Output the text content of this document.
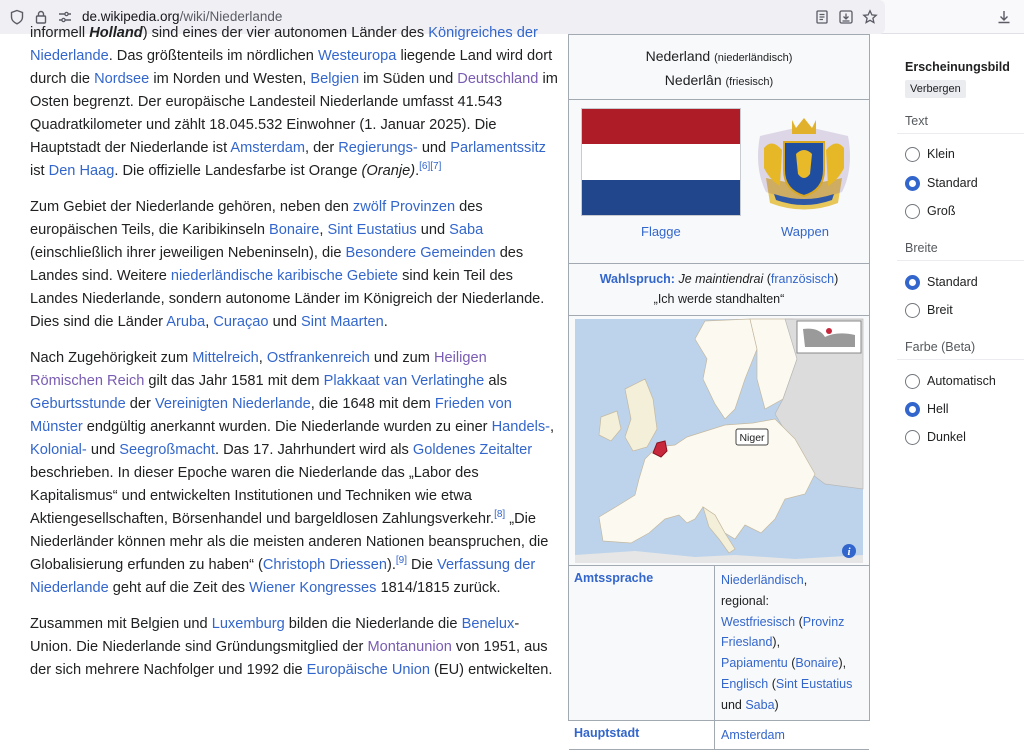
de.wikipedia.org/wiki/Niederlande

informell Holland) sind eines der vier autonomen Länder des Königreiches der Niederlande. Das größtenteils im nördlichen Westeuropa liegende Land wird dort durch die Nordsee im Norden und Westen, Belgien im Süden und Deutschland im Osten begrenzt. Der europäische Landesteil Niederlande umfasst 41.543 Quadratkilometer und zählt 18.045.532 Einwohner (1. Januar 2025). Die Hauptstadt der Niederlande ist Amsterdam, der Regierungs- und Parlamentssitz ist Den Haag. Die offizielle Landesfarbe ist Orange (Oranje).[6][7]

Zum Gebiet der Niederlande gehören, neben den zwölf Provinzen des europäischen Teils, die Karibikinseln Bonaire, Sint Eustatius und Saba (einschließlich ihrer jeweiligen Nebeninseln), die Besondere Gemeinden des Landes sind. Weitere niederländische karibische Gebiete sind kein Teil des Landes Niederlande, sondern autonome Länder im Königreich der Niederlande. Dies sind die Länder Aruba, Curaçao und Sint Maarten.

Nach Zugehörigkeit zum Mittelreich, Ostfrankenreich und zum Heiligen Römischen Reich gilt das Jahr 1581 mit dem Plakkaat van Verlatinghe als Geburtsstunde der Vereinigten Niederlande, die 1648 mit dem Frieden von Münster endgültig anerkannt wurden. Die Niederlande wurden zu einer Handels-, Kolonial- und Seegroßmacht. Das 17. Jahrhundert wird als Goldenes Zeitalter beschrieben. In dieser Epoche waren die Niederlande das „Labor des Kapitalismus“ und entwickelten Institutionen und Techniken wie etwa Aktiengesellschaften, Börsenhandel und bargeldlosen Zahlungsverkehr.[8] „Die Niederländer können mehr als die meisten anderen Nationen beanspruchen, die Globalisierung erfunden zu haben“ (Christoph Driessen).[9] Die Verfassung der Niederlande geht auf die Zeit des Wiener Kongresses 1814/1815 zurück.

Zusammen mit Belgien und Luxemburg bilden die Niederlande die Benelux-Union. Die Niederlande sind Gründungsmitglied der Montanunion von 1951, aus der sich mehrere Nachfolger und 1992 die Europäische Union (EU) entwickelten.

Nederland (niederländisch)
Nederlân (friesisch)
Flagge	Wappen
Wahlspruch: Je maintiendrai (französisch)
„Ich werde standhalten“
Niger
i
Amtssprache	Niederländisch,
regional:
Westfriesisch (Provinz Friesland),
Papiamentu (Bonaire),
Englisch (Sint Eustatius und Saba)
Hauptstadt	Amsterdam
Erscheinungsbild
Verbergen
Text
Klein
Standard
Groß
Breite
Standard
Breit
Farbe (Beta)
Automatisch
Hell
Dunkel
